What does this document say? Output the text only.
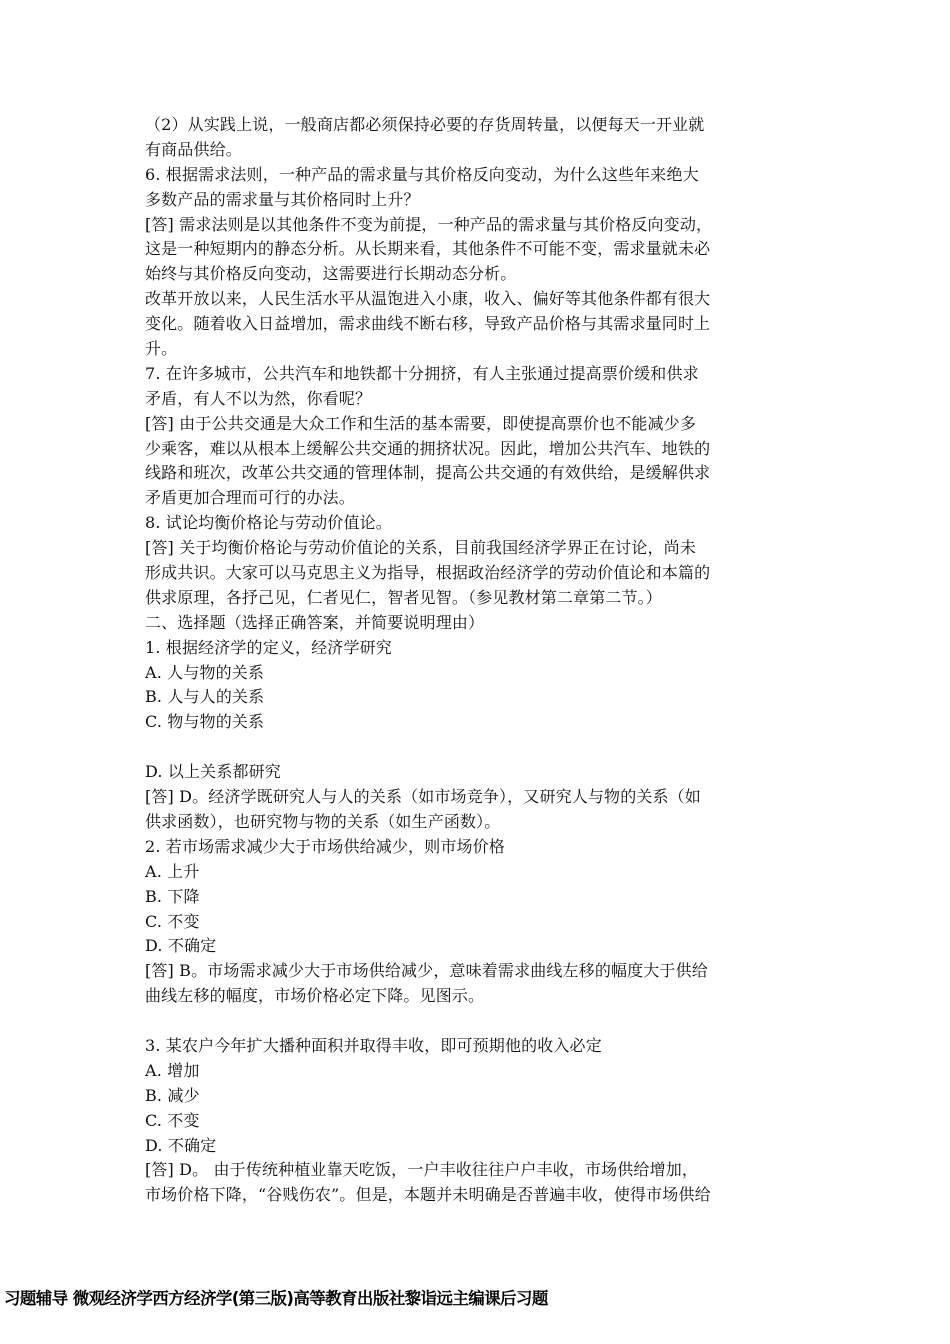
（2）从实践上说，一般商店都必须保持必要的存货周转量，以便每天一开业就
有商品供给。
6. 根据需求法则，一种产品的需求量与其价格反向变动，为什么这些年来绝大
多数产品的需求量与其价格同时上升？
[答] 需求法则是以其他条件不变为前提，一种产品的需求量与其价格反向变动，
这是一种短期内的静态分析。从长期来看，其他条件不可能不变，需求量就未必
始终与其价格反向变动，这需要进行长期动态分析。
改革开放以来，人民生活水平从温饱进入小康，收入、偏好等其他条件都有很大
变化。随着收入日益增加，需求曲线不断右移，导致产品价格与其需求量同时上
升。
7. 在许多城市，公共汽车和地铁都十分拥挤，有人主张通过提高票价缓和供求
矛盾，有人不以为然，你看呢？
[答] 由于公共交通是大众工作和生活的基本需要，即使提高票价也不能减少多
少乘客，难以从根本上缓解公共交通的拥挤状况。因此，增加公共汽车、地铁的
线路和班次，改革公共交通的管理体制，提高公共交通的有效供给，是缓解供求
矛盾更加合理而可行的办法。
8. 试论均衡价格论与劳动价值论。
[答] 关于均衡价格论与劳动价值论的关系，目前我国经济学界正在讨论，尚未
形成共识。大家可以马克思主义为指导，根据政治经济学的劳动价值论和本篇的
供求原理，各抒己见，仁者见仁，智者见智。（参见教材第二章第二节。）
二、选择题（选择正确答案，并简要说明理由）
1. 根据经济学的定义，经济学研究
A. 人与物的关系
B. 人与人的关系
C. 物与物的关系
D. 以上关系都研究
[答] D。经济学既研究人与人的关系（如市场竞争），又研究人与物的关系（如
供求函数），也研究物与物的关系（如生产函数）。
2. 若市场需求减少大于市场供给减少，则市场价格
A. 上升
B. 下降
C. 不变
D. 不确定
[答] B。市场需求减少大于市场供给减少，意味着需求曲线左移的幅度大于供给
曲线左移的幅度，市场价格必定下降。见图示。
3. 某农户今年扩大播种面积并取得丰收，即可预期他的收入必定
A. 增加
B. 减少
C. 不变
D. 不确定
[答] D。 由于传统种植业靠天吃饭，一户丰收往往户户丰收，市场供给增加，
市场价格下降，“谷贱伤农”。但是，本题并未明确是否普遍丰收，使得市场供给
习题辅导 微观经济学西方经济学(第三版)高等教育出版社黎诣远主编课后习题
